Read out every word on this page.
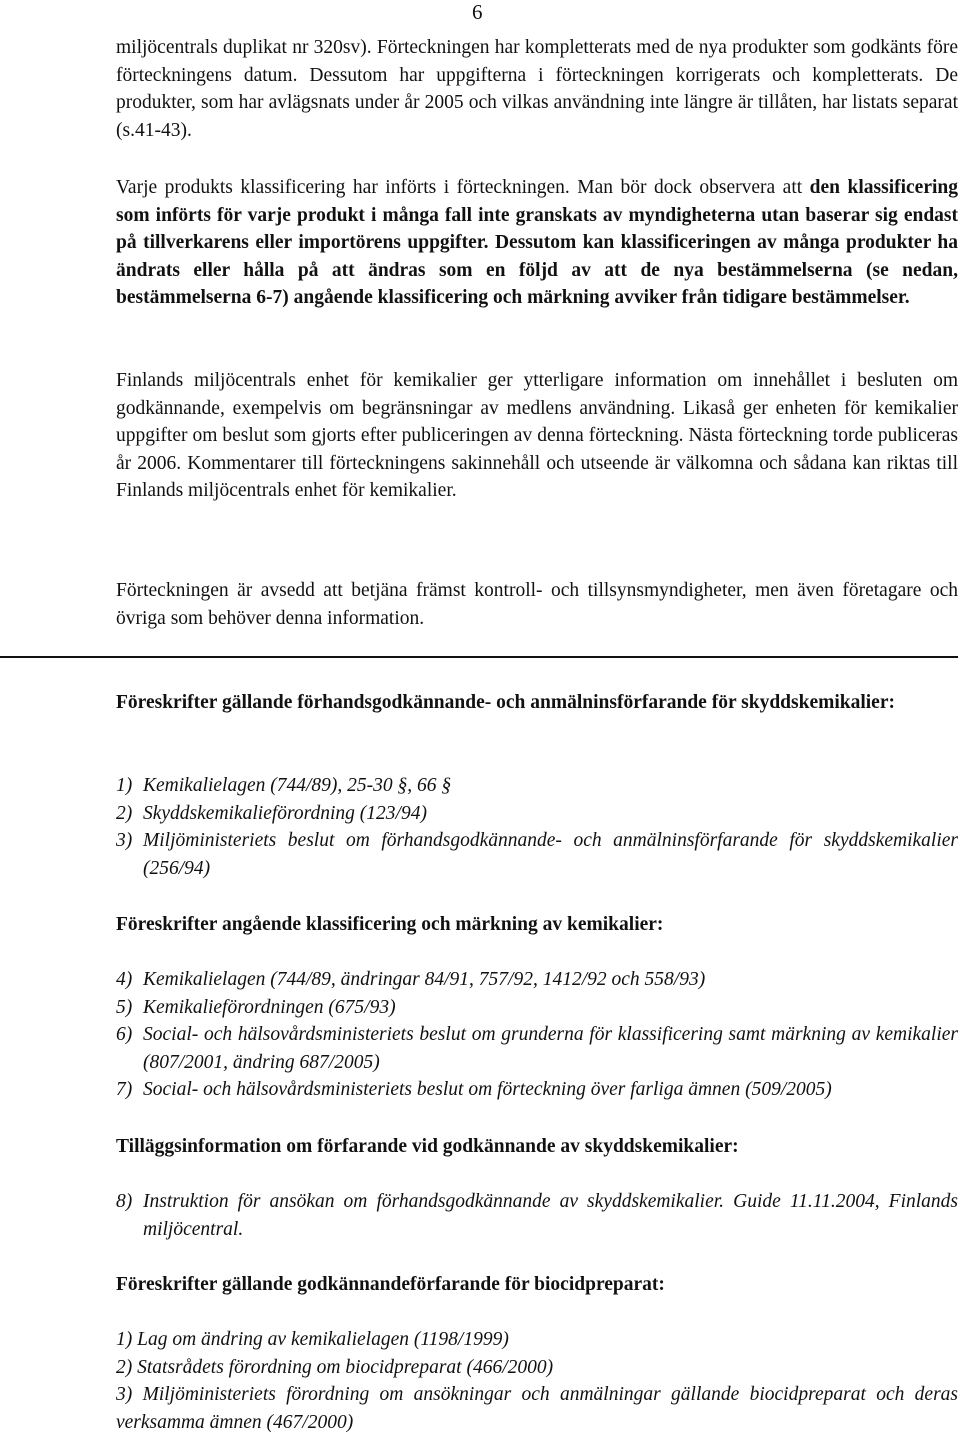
6
miljöcentrals duplikat nr 320sv). Förteckningen har kompletterats med de nya produkter som godkänts före förteckningens datum. Dessutom har uppgifterna i förteckningen korrigerats och kompletterats. De produkter, som har avlägsnats under år 2005 och vilkas användning inte längre är tillåten, har listats separat (s.41-43).
Varje produkts klassificering har införts i förteckningen. Man bör dock observera att den klassificering som införts för varje produkt i många fall inte granskats av myndigheterna utan baserar sig endast på tillverkarens eller importörens uppgifter. Dessutom kan klassificeringen av många produkter ha ändrats eller hålla på att ändras som en följd av att de nya bestämmelserna (se nedan, bestämmelserna 6-7) angående klassificering och märkning avviker från tidigare bestämmelser.
Finlands miljöcentrals enhet för kemikalier ger ytterligare information om innehållet i besluten om godkännande, exempelvis om begränsningar av medlens användning. Likaså ger enheten för kemikalier uppgifter om beslut som gjorts efter publiceringen av denna förteckning. Nästa förteckning torde publiceras år 2006. Kommentarer till förteckningens sakinnehåll och utseende är välkomna och sådana kan riktas till Finlands miljöcentrals enhet för kemikalier.
Förteckningen är avsedd att betjäna främst kontroll- och tillsynsmyndigheter, men även företagare och övriga som behöver denna information.
Föreskrifter gällande förhandsgodkännande- och anmälninsförfarande för skyddskemikalier:
1) Kemikalielagen (744/89), 25-30 §, 66 §
2) Skyddskemikalieförordning (123/94)
3) Miljöministeriets beslut om förhandsgodkännande- och anmälninsförfarande för skyddskemikalier (256/94)
Föreskrifter angående klassificering och märkning av kemikalier:
4) Kemikalielagen (744/89, ändringar 84/91, 757/92, 1412/92 och 558/93)
5) Kemikalieförordningen (675/93)
6) Social- och hälsovårdsministeriets beslut om grunderna för klassificering samt märkning av kemikalier (807/2001, ändring 687/2005)
7) Social- och hälsovårdsministeriets beslut om förteckning över farliga ämnen (509/2005)
Tilläggsinformation om förfarande vid godkännande av skyddskemikalier:
8) Instruktion för ansökan om förhandsgodkännande av skyddskemikalier. Guide 11.11.2004, Finlands miljöcentral.
Föreskrifter gällande godkännandeförfarande för biocidpreparat:
1) Lag om ändring av kemikalielagen (1198/1999)
2) Statsrådets förordning om biocidpreparat (466/2000)
3) Miljöministeriets förordning om ansökningar och anmälningar gällande biocidpreparat och deras verksamma ämnen (467/2000)
